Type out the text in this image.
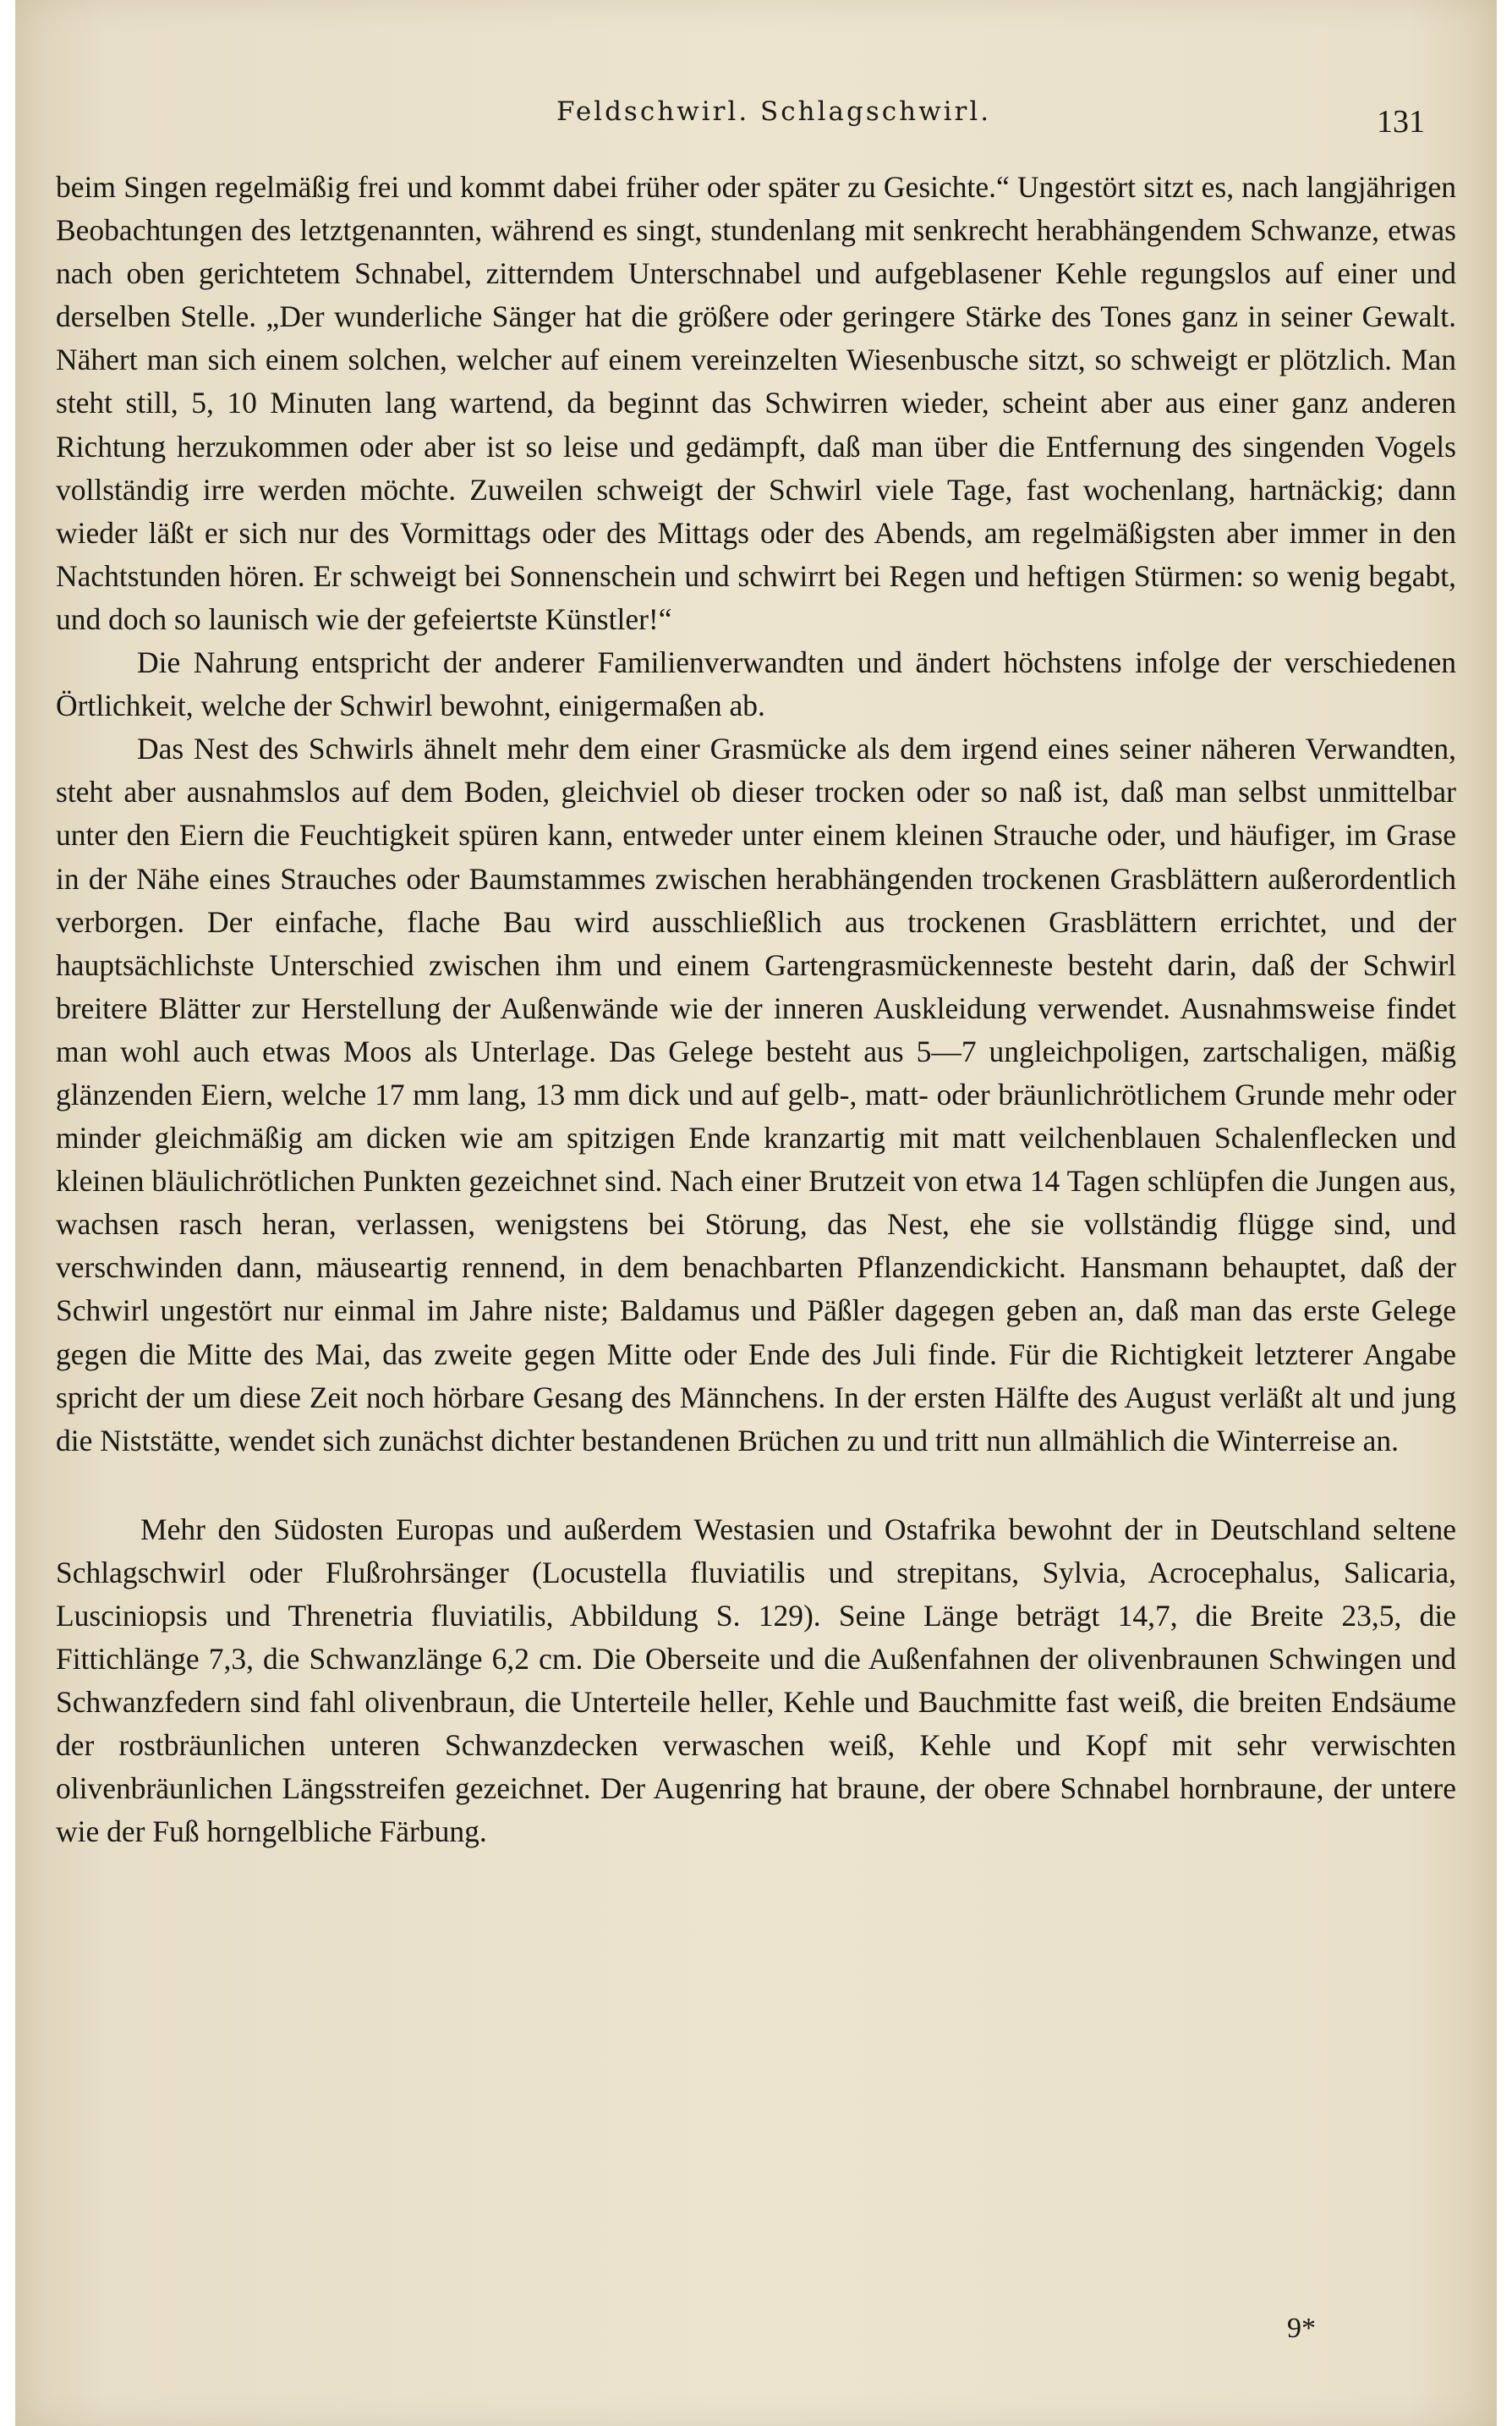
Feldschwirl. Schlagschwirl.	131

beim Singen regelmäßig frei und kommt dabei früher oder später zu Gesichte.“ Ungestört sitzt es, nach langjährigen Beobachtungen des letztgenannten, während es singt, stundenlang mit senkrecht herabhängendem Schwanze, etwas nach oben gerichtetem Schnabel, zitterndem Unterschnabel und aufgeblasener Kehle regungslos auf einer und derselben Stelle. „Der wunderliche Sänger hat die größere oder geringere Stärke des Tones ganz in seiner Gewalt. Nähert man sich einem solchen, welcher auf einem vereinzelten Wiesenbusche sitzt, so schweigt er plötzlich. Man steht still, 5, 10 Minuten lang wartend, da beginnt das Schwirren wieder, scheint aber aus einer ganz anderen Richtung herzukommen oder aber ist so leise und gedämpft, daß man über die Entfernung des singenden Vogels vollständig irre werden möchte. Zuweilen schweigt der Schwirl viele Tage, fast wochenlang, hartnäckig; dann wieder läßt er sich nur des Vormittags oder des Mittags oder des Abends, am regelmäßigsten aber immer in den Nachtstunden hören. Er schweigt bei Sonnenschein und schwirrt bei Regen und heftigen Stürmen: so wenig begabt, und doch so launisch wie der gefeiertste Künstler!“

Die Nahrung entspricht der anderer Familienverwandten und ändert höchstens infolge der verschiedenen Örtlichkeit, welche der Schwirl bewohnt, einigermaßen ab.

Das Nest des Schwirls ähnelt mehr dem einer Grasmücke als dem irgend eines seiner näheren Verwandten, steht aber ausnahmslos auf dem Boden, gleichviel ob dieser trocken oder so naß ist, daß man selbst unmittelbar unter den Eiern die Feuchtigkeit spüren kann, entweder unter einem kleinen Strauche oder, und häufiger, im Grase in der Nähe eines Strauches oder Baumstammes zwischen herabhängenden trockenen Grasblättern außerordentlich verborgen. Der einfache, flache Bau wird ausschließlich aus trockenen Grasblättern errichtet, und der hauptsächlichste Unterschied zwischen ihm und einem Gartengrasmückenneste besteht darin, daß der Schwirl breitere Blätter zur Herstellung der Außenwände wie der inneren Auskleidung verwendet. Ausnahmsweise findet man wohl auch etwas Moos als Unterlage. Das Gelege besteht aus 5—7 ungleichpoligen, zartschaligen, mäßig glänzenden Eiern, welche 17 mm lang, 13 mm dick und auf gelb-, matt- oder bräunlichrötlichem Grunde mehr oder minder gleichmäßig am dicken wie am spitzigen Ende kranzartig mit matt veilchenblauen Schalenflecken und kleinen bläulichrötlichen Punkten gezeichnet sind. Nach einer Brutzeit von etwa 14 Tagen schlüpfen die Jungen aus, wachsen rasch heran, verlassen, wenigstens bei Störung, das Nest, ehe sie vollständig flügge sind, und verschwinden dann, mäuseartig rennend, in dem benachbarten Pflanzendickicht. Hansmann behauptet, daß der Schwirl ungestört nur einmal im Jahre niste; Baldamus und Päßler dagegen geben an, daß man das erste Gelege gegen die Mitte des Mai, das zweite gegen Mitte oder Ende des Juli finde. Für die Richtigkeit letzterer Angabe spricht der um diese Zeit noch hörbare Gesang des Männchens. In der ersten Hälfte des August verläßt alt und jung die Niststätte, wendet sich zunächst dichter bestandenen Brüchen zu und tritt nun allmählich die Winterreise an.

Mehr den Südosten Europas und außerdem Westasien und Ostafrika bewohnt der in Deutschland seltene Schlagschwirl oder Flußrohrsänger (Locustella fluviatilis und strepitans, Sylvia, Acrocephalus, Salicaria, Lusciniopsis und Threnetria fluviatilis, Abbildung S. 129). Seine Länge beträgt 14,7, die Breite 23,5, die Fittichlänge 7,3, die Schwanzlänge 6,2 cm. Die Oberseite und die Außenfahnen der olivenbraunen Schwingen und Schwanzfedern sind fahl olivenbraun, die Unterteile heller, Kehle und Bauchmitte fast weiß, die breiten Endsäume der rostbräunlichen unteren Schwanzdecken verwaschen weiß, Kehle und Kopf mit sehr verwischten olivenbräunlichen Längsstreifen gezeichnet. Der Augenring hat braune, der obere Schnabel hornbraune, der untere wie der Fuß horngelbliche Färbung.

9*
